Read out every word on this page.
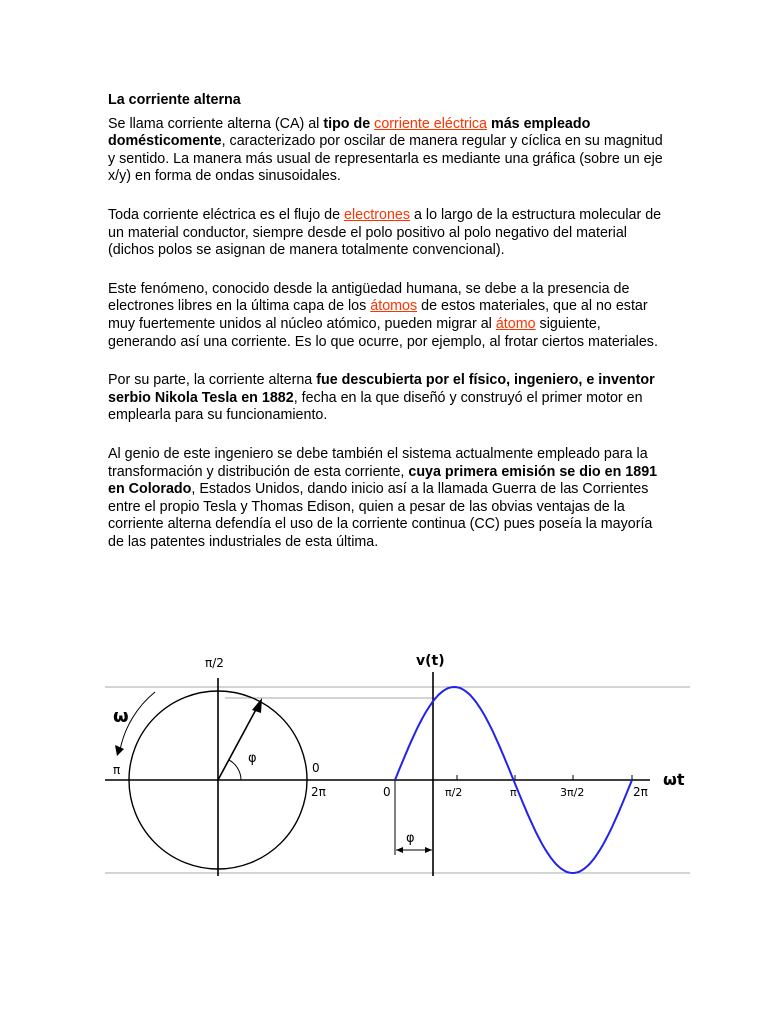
La corriente alterna

Se llama corriente alterna (CA) al tipo de corriente eléctrica más empleado domésticomente, caracterizado por oscilar de manera regular y cíclica en su magnitud y sentido. La manera más usual de representarla es mediante una gráfica (sobre un eje x/y) en forma de ondas sinusoidales.

Toda corriente eléctrica es el flujo de electrones a lo largo de la estructura molecular de un material conductor, siempre desde el polo positivo al polo negativo del material (dichos polos se asignan de manera totalmente convencional).

Este fenómeno, conocido desde la antigüedad humana, se debe a la presencia de electrones libres en la última capa de los átomos de estos materiales, que al no estar muy fuertemente unidos al núcleo atómico, pueden migrar al átomo siguiente, generando así una corriente. Es lo que ocurre, por ejemplo, al frotar ciertos materiales.

Por su parte, la corriente alterna fue descubierta por el físico, ingeniero, e inventor serbio Nikola Tesla en 1882, fecha en la que diseñó y construyó el primer motor en emplearla para su funcionamiento.

Al genio de este ingeniero se debe también el sistema actualmente empleado para la transformación y distribución de esta corriente, cuya primera emisión se dio en 1891 en Colorado, Estados Unidos, dando inicio así a la llamada Guerra de las Corrientes entre el propio Tesla y Thomas Edison, quien a pesar de las obvias ventajas de la corriente alterna defendía el uso de la corriente continua (CC) pues poseía la mayoría de las patentes industriales de esta última.

π/2
ω
π	0
2π
φ
v(t)
0	π/2	π	3π/2	2π
ωt
φ
